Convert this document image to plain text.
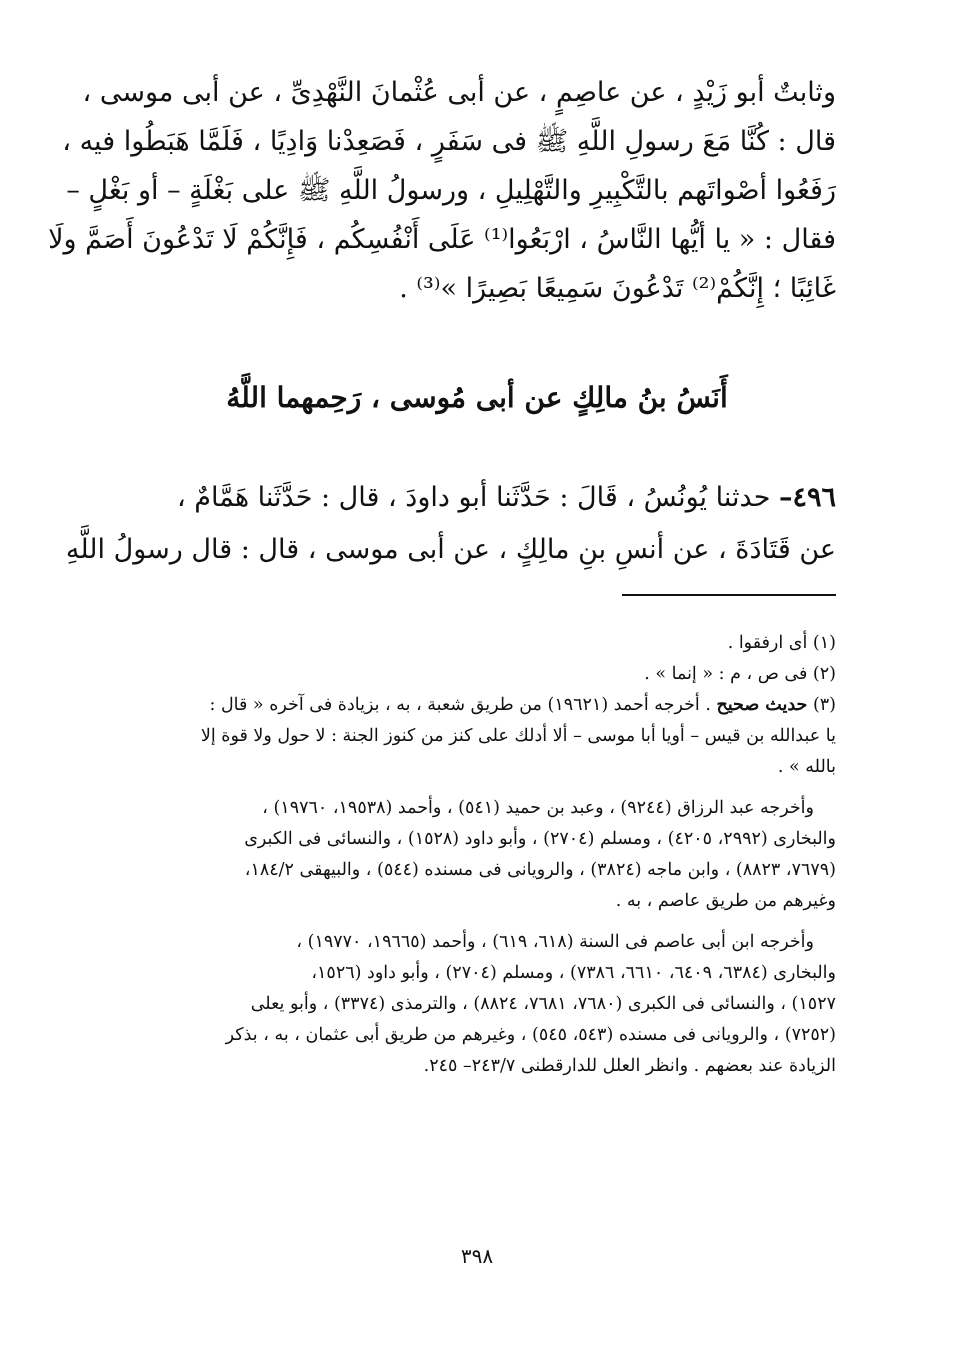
وثابتٌ أبو زَيْدٍ ، عن عاصِمٍ ، عن أبى عُثْمانَ النَّهْدِىِّ ، عن أبى موسى ،
قال : كُنَّا مَعَ رسولِ اللَّهِ ﷺ فى سَفَرٍ ، فَصَعِدْنا وَادِيًا ، فَلَمَّا هَبَطُوا فيه ،
رَفَعُوا أصْواتَهم بالتَّكْبِيرِ والتَّهْلِيلِ ، ورسولُ اللَّهِ ﷺ على بَغْلَةٍ – أو بَغْلٍ –
فقال : « يا أيُّها النَّاسُ ، ارْبَعُوا⁽¹⁾ عَلَى أَنْفُسِكُم ، فَإِنَّكُمْ لَا تَدْعُونَ أَصَمَّ ولَا
غَائِبًا ؛ إِنَّكُمْ⁽²⁾ تَدْعُونَ سَمِيعًا بَصِيرًا »⁽³⁾ .
أَنَسُ بنُ مالِكٍ عن أبى مُوسى ، رَحِمهما اللَّهُ
٤٩٦– حدثنا يُونُسُ ، قَالَ : حَدَّثَنا أبو داودَ ، قال : حَدَّثَنا هَمَّامٌ ،
عن قَتَادَةَ ، عن أنسِ بنِ مالِكٍ ، عن أبى موسى ، قال : قال رسولُ اللَّهِ
(١) أى ارفقوا .
(٢) فى ص ، م : « إنما » .
(٣) حديث صحيح . أخرجه أحمد (١٩٦٢١) من طريق شعبة ، به ، بزيادة فى آخره « قال :
يا عبدالله بن قيس – أويا أبا موسى – ألا أدلك على كنز من كنوز الجنة : لا حول ولا قوة إلا
بالله » .
وأخرجه عبد الرزاق (٩٢٤٤) ، وعبد بن حميد (٥٤١) ، وأحمد (١٩٥٣٨، ١٩٧٦٠) ،
والبخارى (٢٩٩٢، ٤٢٠٥) ، ومسلم (٢٧٠٤) ، وأبو داود (١٥٢٨) ، والنسائى فى الكبرى
(٧٦٧٩، ٨٨٢٣) ، وابن ماجه (٣٨٢٤) ، والرويانى فى مسنده (٥٤٤) ، والبيهقى ١٨٤/٢،
وغيرهم من طريق عاصم ، به .
وأخرجه ابن أبى عاصم فى السنة (٦١٨، ٦١٩) ، وأحمد (١٩٦٦٥، ١٩٧٧٠) ،
والبخارى (٦٣٨٤، ٦٤٠٩، ٦٦١٠، ٧٣٨٦) ، ومسلم (٢٧٠٤) ، وأبو داود (١٥٢٦،
١٥٢٧) ، والنسائى فى الكبرى (٧٦٨٠، ٧٦٨١، ٨٨٢٤) ، والترمذى (٣٣٧٤) ، وأبو يعلى
(٧٢٥٢) ، والرويانى فى مسنده (٥٤٣، ٥٤٥) ، وغيرهم من طريق أبى عثمان ، به ، بذكر
الزيادة عند بعضهم . وانظر العلل للدارقطنى ٢٤٣/٧– ٢٤٥.
٣٩٨
